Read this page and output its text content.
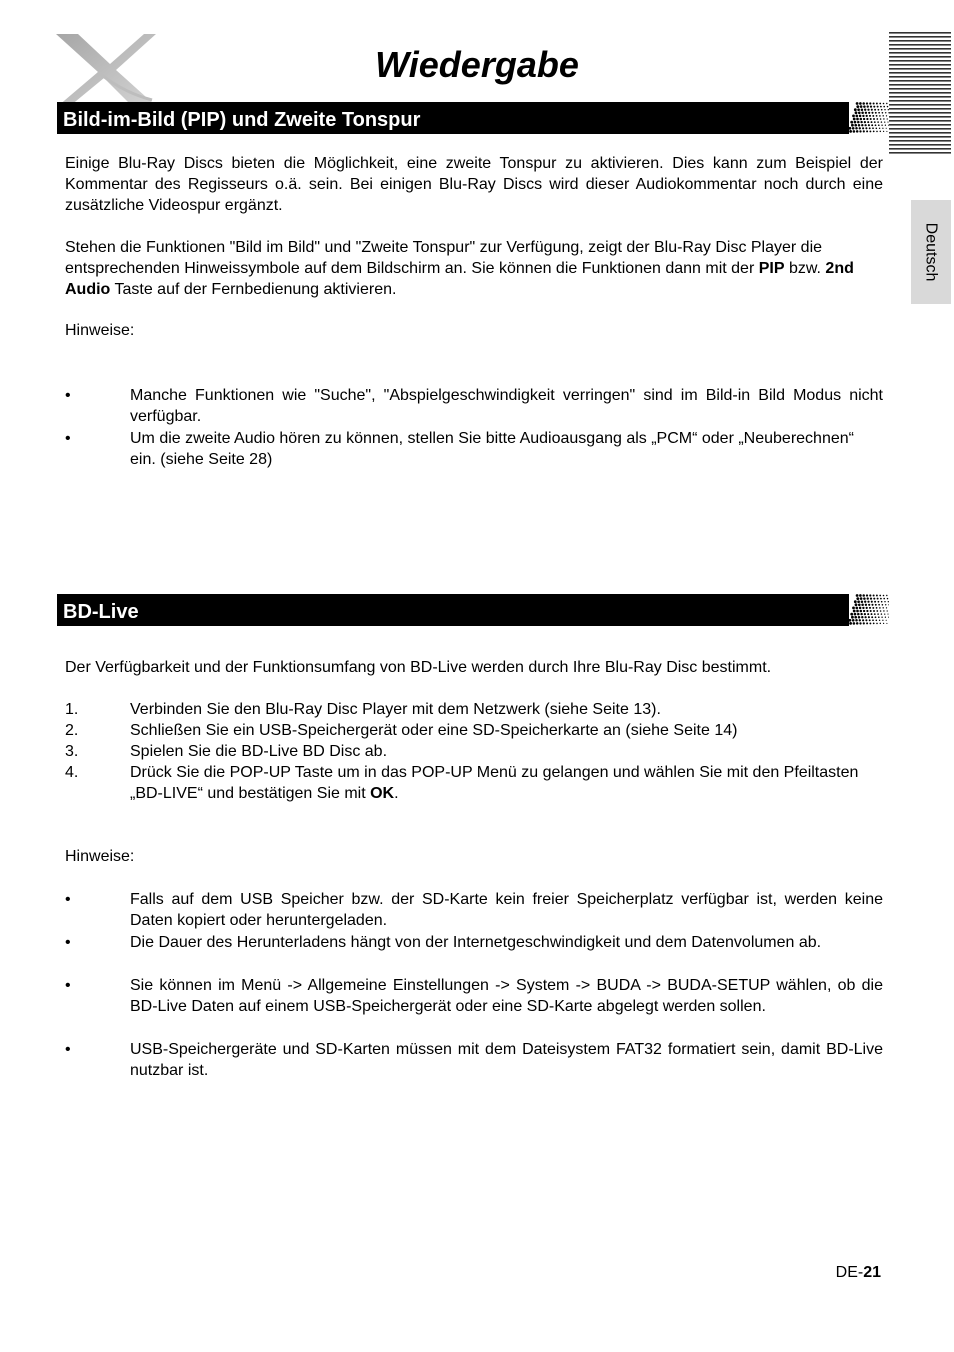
Wiedergabe
Deutsch
Bild-im-Bild (PIP) und Zweite Tonspur

Einige Blu-Ray Discs bieten die Möglichkeit, eine zweite Tonspur zu aktivieren. Dies kann zum Beispiel der Kommentar des Regisseurs o.ä. sein. Bei einigen Blu-Ray Discs wird dieser Audiokommentar noch durch eine zusätzliche Videospur ergänzt.

Stehen die Funktionen "Bild im Bild" und "Zweite Tonspur" zur Verfügung, zeigt der Blu-Ray Disc Player die entsprechenden Hinweissymbole auf dem Bildschirm an. Sie können die Funktionen dann mit der PIP bzw. 2nd Audio Taste auf der Fernbedienung aktivieren.

Hinweise:

•	Manche Funktionen wie "Suche", "Abspielgeschwindigkeit verringen" sind im Bild-in Bild Modus nicht verfügbar.
•	Um die zweite Audio hören zu können, stellen Sie bitte Audioausgang als „PCM“ oder „Neuberechnen“ ein. (siehe Seite 28)
BD-Live

Der Verfügbarkeit und der Funktionsumfang von BD-Live werden durch Ihre Blu-Ray Disc bestimmt.

1.	Verbinden Sie den Blu-Ray Disc Player mit dem Netzwerk (siehe Seite 13).
2.	Schließen Sie ein USB-Speichergerät oder eine SD-Speicherkarte an (siehe Seite 14)
3.	Spielen Sie die BD-Live BD Disc ab.
4.	Drück Sie die POP-UP Taste um in das POP-UP Menü zu gelangen und wählen Sie mit den Pfeiltasten „BD-LIVE“ und bestätigen Sie mit OK.

Hinweise:

•	Falls auf dem USB Speicher bzw. der SD-Karte kein freier Speicherplatz verfügbar ist, werden keine Daten kopiert oder heruntergeladen.
•	Die Dauer des Herunterladens hängt von der Internetgeschwindigkeit und dem Datenvolumen ab.
•	Sie können im Menü -> Allgemeine Einstellungen -> System -> BUDA -> BUDA-SETUP wählen, ob die BD-Live Daten auf einem USB-Speichergerät oder eine SD-Karte abgelegt werden sollen.
•	USB-Speichergeräte und SD-Karten müssen mit dem Dateisystem FAT32 formatiert sein, damit BD-Live nutzbar ist.
DE-21
